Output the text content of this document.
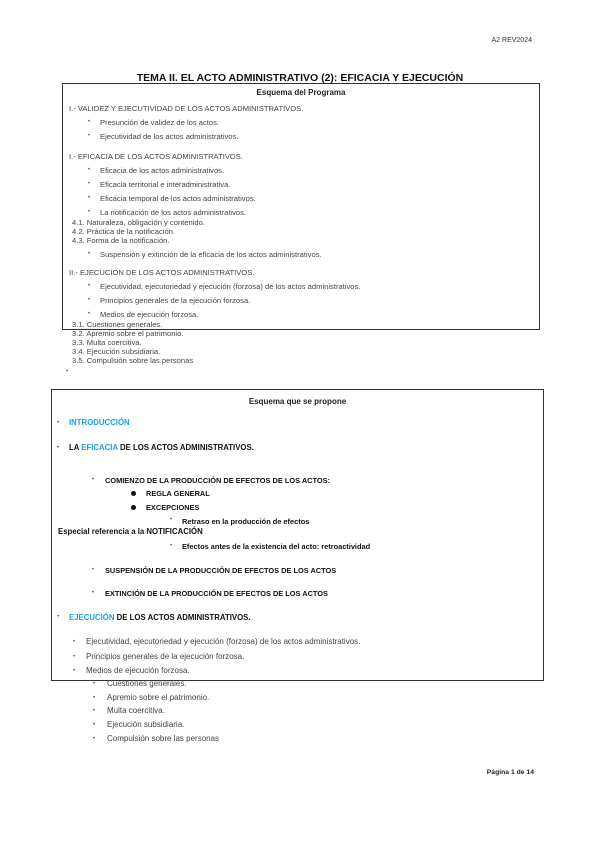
A2 REV2024
TEMA II. EL ACTO ADMINISTRATIVO (2): EFICACIA Y EJECUCIÓN
Esquema del Programa
I.- VALIDEZ Y EJECUTIVIDAD DE LOS ACTOS ADMINISTRATIVOS.
• Presunción de validez de los actos.
• Ejecutividad de los actos administrativos.
I.- EFICACIA DE LOS ACTOS ADMINISTRATIVOS.
• Eficacia de los actos administrativos.
• Eficacia territorial e interadministrativa.
• Eficacia temporal de los actos administrativos.
• La notificación de los actos administrativos.
4.1. Naturaleza, obligación y contenido.
4.2. Práctica de la notificación.
4.3. Forma de la notificación.
• Suspensión y extinción de la eficacia de los actos administrativos.
II.- EJECUCIÓN DE LOS ACTOS ADMINISTRATIVOS.
• Ejecutividad, ejecutoriedad y ejecución (forzosa) de los actos administrativos.
• Principios generales de la ejecución forzosa.
• Medios de ejecución forzosa.
3.1. Cuestiones generales.
3.2. Apremio sobre el patrimonio.
3.3. Multa coercitiva.
3.4. Ejecución subsidiaria.
3.5. Compulsión sobre las personas
•
Esquema que se propone
• INTRODUCCIÓN
• LA EFICACIA DE LOS ACTOS ADMINISTRATIVOS.
• COMIENZO DE LA PRODUCCIÓN DE EFECTOS DE LOS ACTOS:
REGLA GENERAL
EXCEPCIONES
• Retraso en la producción de efectos
Especial referencia a la NOTIFICACIÓN
• Efectos antes de la existencia del acto: retroactividad
• SUSPENSIÓN DE LA PRODUCCIÓN DE EFECTOS DE LOS ACTOS
• EXTINCIÓN DE LA PRODUCCIÓN DE EFECTOS DE LOS ACTOS
• EJECUCIÓN DE LOS ACTOS ADMINISTRATIVOS.
• Ejecutividad, ejecutoriedad y ejecución (forzosa) de los actos administrativos.
• Principios generales de la ejecución forzosa.
• Medios de ejecución forzosa.
• Cuestiones generales.
• Apremio sobre el patrimonio.
• Multa coercitiva.
• Ejecución subsidiaria.
• Compulsión sobre las personas
Página 1 de 14
